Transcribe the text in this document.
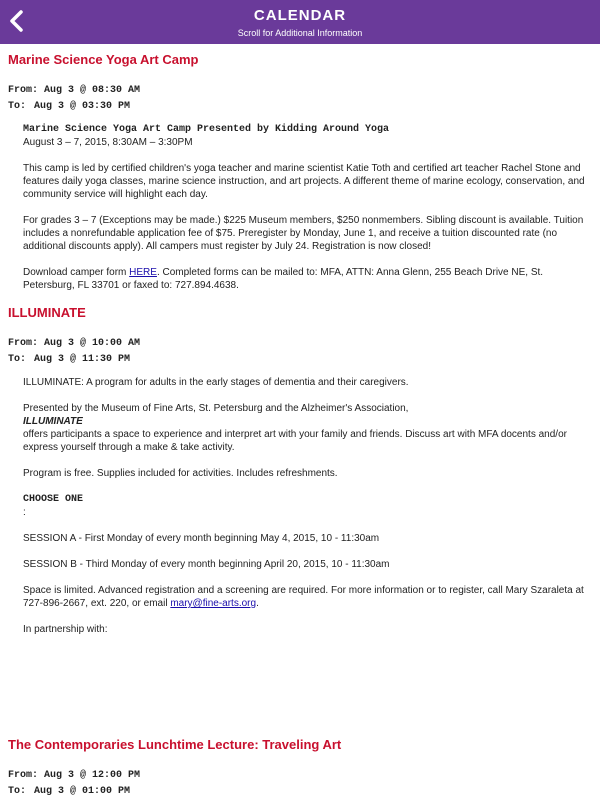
CALENDAR
Scroll for Additional Information
Marine Science Yoga Art Camp
From: Aug 3 @ 08:30 AM
To: Aug 3 @ 03:30 PM
Marine Science Yoga Art Camp Presented by Kidding Around Yoga

August 3 – 7, 2015, 8:30AM – 3:30PM

This camp is led by certified children's yoga teacher and marine scientist Katie Toth and certified art teacher Rachel Stone and features daily yoga classes, marine science instruction, and art projects. A different theme of marine ecology, conservation, and community service will highlight each day.

For grades 3 – 7 (Exceptions may be made.) $225 Museum members, $250 nonmembers. Sibling discount is available. Tuition includes a nonrefundable application fee of $75. Preregister by Monday, June 1, and receive a tuition discounted rate (no additional discounts apply). All campers must register by July 24. Registration is now closed!

Download camper form HERE. Completed forms can be mailed to: MFA, ATTN: Anna Glenn, 255 Beach Drive NE, St. Petersburg, FL 33701 or faxed to: 727.894.4638.

ILLUMINATE
From: Aug 3 @ 10:00 AM
To: Aug 3 @ 11:30 PM

ILLUMINATE: A program for adults in the early stages of dementia and their caregivers.

Presented by the Museum of Fine Arts, St. Petersburg and the Alzheimer's Association,
ILLUMINATE
offers participants a space to experience and interpret art with your family and friends. Discuss art with MFA docents and/or express yourself through a make & take activity.

Program is free. Supplies included for activities. Includes refreshments.

CHOOSE ONE

:

SESSION A - First Monday of every month beginning May 4, 2015, 10 - 11:30am

SESSION B - Third Monday of every month beginning April 20, 2015, 10 - 11:30am

Space is limited. Advanced registration and a screening are required. For more information or to register, call Mary Szaraleta at 727-896-2667, ext. 220, or email mary@fine-arts.org.

In partnership with:

The Contemporaries Lunchtime Lecture: Traveling Art
From: Aug 3 @ 12:00 PM
To: Aug 3 @ 01:00 PM
